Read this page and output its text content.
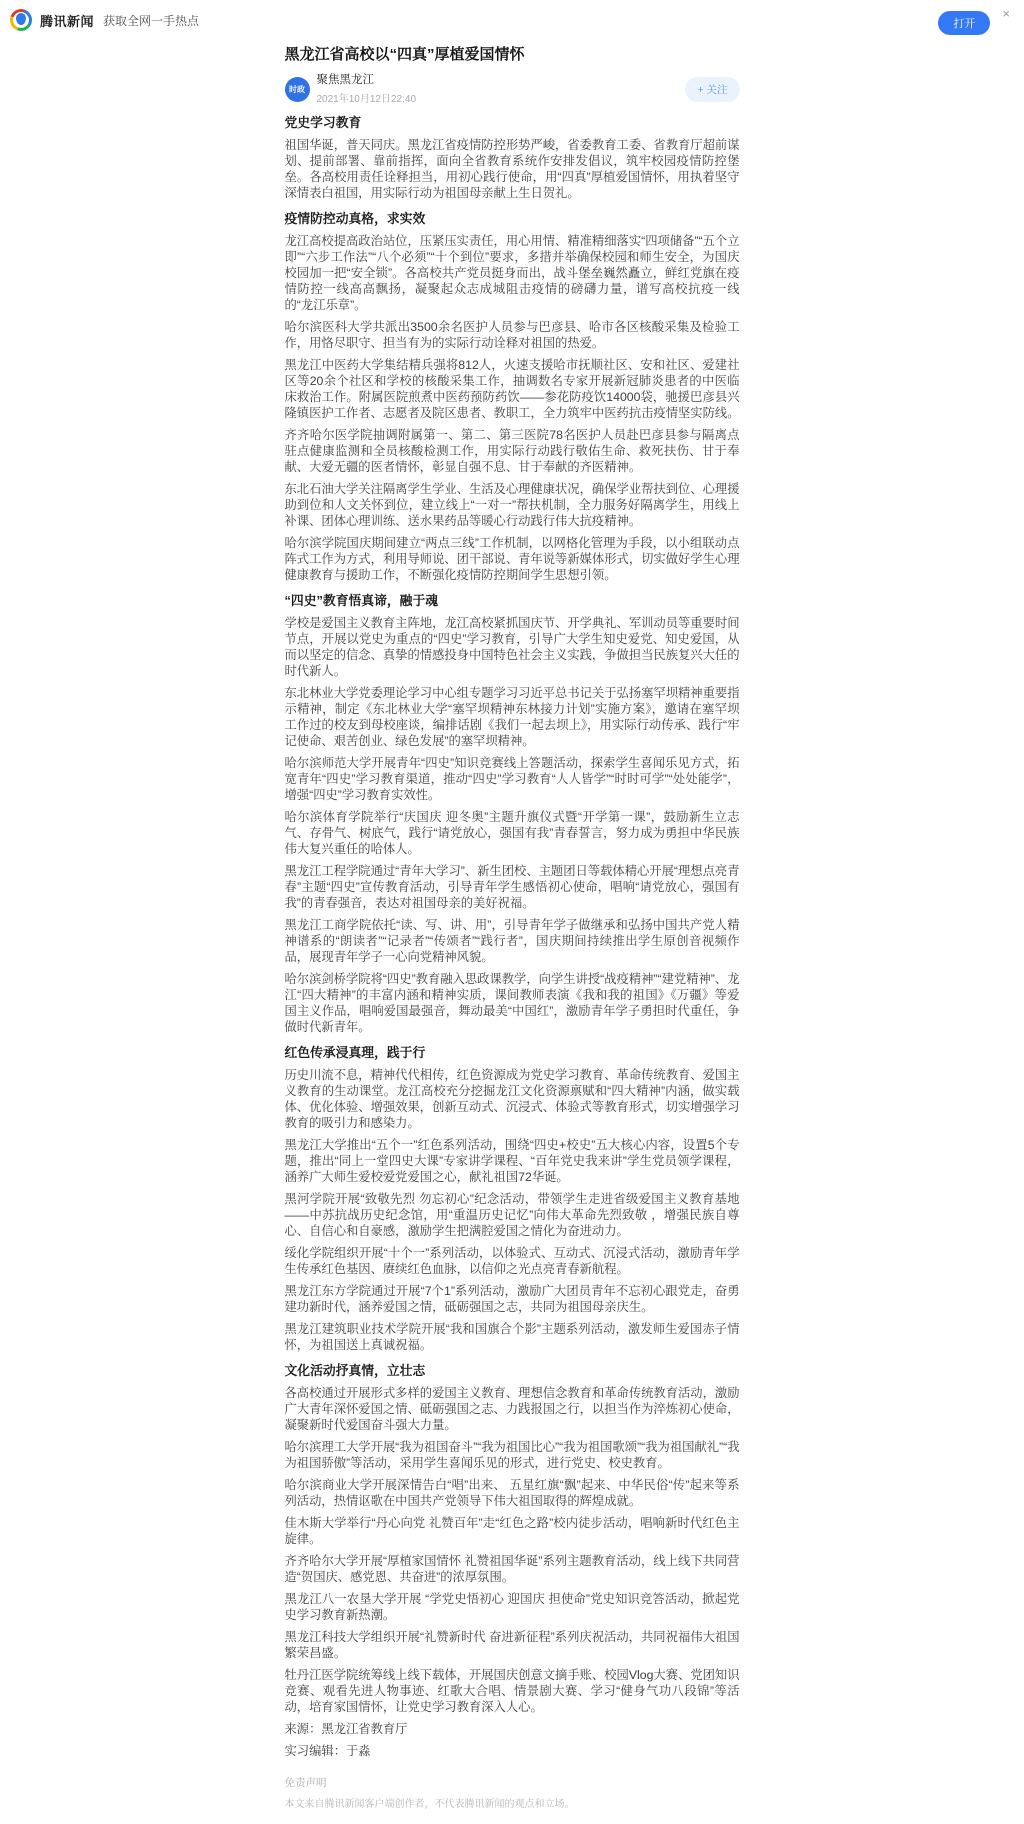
腾讯新闻 获取全网一手热点	打开
×
黑龙江省高校以“四真”厚植爱国情怀
时政
聚焦黑龙江
2021年10月12日22:40
+ 关注
党史学习教育

祖国华诞，普天同庆。黑龙江省疫情防控形势严峻，省委教育工委、省教育厅超前谋划、提前部署、靠前指挥，面向全省教育系统作安排发倡议，筑牢校园疫情防控堡垒。各高校用责任诠释担当，用初心践行使命，用“四真”厚植爱国情怀，用执着坚守深情表白祖国，用实际行动为祖国母亲献上生日贺礼。

疫情防控动真格，求实效

龙江高校提高政治站位，压紧压实责任，用心用情、精准精细落实“四项储备”“五个立即”“六步工作法”“八个必须”“十个到位”要求，多措并举确保校园和师生安全，为国庆校园加一把“安全锁”。各高校共产党员挺身而出，战斗堡垒巍然矗立，鲜红党旗在疫情防控一线高高飘扬，凝聚起众志成城阻击疫情的磅礴力量，谱写高校抗疫一线的“龙江乐章”。

哈尔滨医科大学共派出3500余名医护人员参与巴彦县、哈市各区核酸采集及检验工作，用恪尽职守、担当有为的实际行动诠释对祖国的热爱。

黑龙江中医药大学集结精兵强将812人，火速支援哈市抚顺社区、安和社区、爱建社区等20余个社区和学校的核酸采集工作，抽调数名专家开展新冠肺炎患者的中医临床救治工作。附属医院煎煮中医药预防药饮——参花防疫饮14000袋，驰援巴彦县兴隆镇医护工作者、志愿者及院区患者、教职工，全力筑牢中医药抗击疫情坚实防线。

齐齐哈尔医学院抽调附属第一、第二、第三医院78名医护人员赴巴彦县参与隔离点驻点健康监测和全员核酸检测工作，用实际行动践行敬佑生命、救死扶伤、甘于奉献、大爱无疆的医者情怀，彰显自强不息、甘于奉献的齐医精神。

东北石油大学关注隔离学生学业、生活及心理健康状况，确保学业帮扶到位、心理援助到位和人文关怀到位，建立线上“一对一”帮扶机制，全力服务好隔离学生，用线上补课、团体心理训练、送水果药品等暖心行动践行伟大抗疫精神。

哈尔滨学院国庆期间建立“两点三线”工作机制，以网格化管理为手段，以小组联动点阵式工作为方式，利用导师说、团干部说、青年说等新媒体形式，切实做好学生心理健康教育与援助工作，不断强化疫情防控期间学生思想引领。

“四史”教育悟真谛，融于魂

学校是爱国主义教育主阵地，龙江高校紧抓国庆节、开学典礼、军训动员等重要时间节点，开展以党史为重点的“四史”学习教育，引导广大学生知史爱党、知史爱国，从而以坚定的信念、真挚的情感投身中国特色社会主义实践，争做担当民族复兴大任的时代新人。

东北林业大学党委理论学习中心组专题学习习近平总书记关于弘扬塞罕坝精神重要指示精神，制定《东北林业大学“塞罕坝精神东林接力计划”实施方案》，邀请在塞罕坝工作过的校友到母校座谈，编排话剧《我们一起去坝上》，用实际行动传承、践行“牢记使命、艰苦创业、绿色发展”的塞罕坝精神。

哈尔滨师范大学开展青年“四史”知识竞赛线上答题活动，探索学生喜闻乐见方式，拓宽青年“四史”学习教育渠道，推动“四史”学习教育“人人皆学”“时时可学”“处处能学”，增强“四史”学习教育实效性。

哈尔滨体育学院举行“庆国庆 迎冬奥”主题升旗仪式暨“开学第一课”，鼓励新生立志气、存骨气、树底气，践行“请党放心，强国有我”青春誓言，努力成为勇担中华民族伟大复兴重任的哈体人。

黑龙江工程学院通过“青年大学习”、新生团校、主题团日等载体精心开展“理想点亮青春”主题“四史”宣传教育活动，引导青年学生感悟初心使命，唱响“请党放心，强国有我”的青春强音，表达对祖国母亲的美好祝福。

黑龙江工商学院依托“读、写、讲、用”，引导青年学子做继承和弘扬中国共产党人精神谱系的“朗读者”“记录者”“传颂者”“践行者”，国庆期间持续推出学生原创音视频作品，展现青年学子一心向党精神风貌。

哈尔滨剑桥学院将“四史”教育融入思政课教学，向学生讲授“战疫精神”“建党精神”、龙江“四大精神”的丰富内涵和精神实质，课间教师表演《我和我的祖国》《万疆》等爱国主义作品，唱响爱国最强音，舞动最美“中国红”，激励青年学子勇担时代重任，争做时代新青年。

红色传承浸真理，践于行

历史川流不息，精神代代相传，红色资源成为党史学习教育、革命传统教育、爱国主义教育的生动课堂。龙江高校充分挖掘龙江文化资源禀赋和“四大精神”内涵，做实载体、优化体验、增强效果，创新互动式、沉浸式、体验式等教育形式，切实增强学习教育的吸引力和感染力。

黑龙江大学推出“五个一”红色系列活动，围绕“四史+校史”五大核心内容，设置5个专题，推出“同上一堂四史大课”专家讲学课程、“百年党史我来讲”学生党员领学课程，涵养广大师生爱校爱党爱国之心，献礼祖国72华诞。

黑河学院开展“致敬先烈 勿忘初心”纪念活动，带领学生走进省级爱国主义教育基地——中苏抗战历史纪念馆，用“重温历史记忆”向伟大革命先烈致敬 ，增强民族自尊心、自信心和自豪感，激励学生把满腔爱国之情化为奋进动力。

绥化学院组织开展“十个一”系列活动，以体验式、互动式、沉浸式活动，激励青年学生传承红色基因、赓续红色血脉，以信仰之光点亮青春新航程。

黑龙江东方学院通过开展“7个1”系列活动，激励广大团员青年不忘初心跟党走，奋勇建功新时代，涵养爱国之情，砥砺强国之志，共同为祖国母亲庆生。

黑龙江建筑职业技术学院开展“我和国旗合个影”主题系列活动，激发师生爱国赤子情怀，为祖国送上真诚祝福。

文化活动抒真情，立壮志

各高校通过开展形式多样的爱国主义教育、理想信念教育和革命传统教育活动，激励广大青年深怀爱国之情、砥砺强国之志、力践报国之行，以担当作为淬炼初心使命，凝聚新时代爱国奋斗强大力量。

哈尔滨理工大学开展“我为祖国奋斗”“我为祖国比心”“我为祖国歌颂”“我为祖国献礼”“我为祖国骄傲”等活动，采用学生喜闻乐见的形式，进行党史、校史教育。

哈尔滨商业大学开展深情告白“唱”出来、 五星红旗“飘”起来、中华民俗“传”起来等系列活动，热情讴歌在中国共产党领导下伟大祖国取得的辉煌成就。

佳木斯大学举行“丹心向党 礼赞百年”走“红色之路”校内徒步活动，唱响新时代红色主旋律。

齐齐哈尔大学开展“厚植家国情怀 礼赞祖国华诞”系列主题教育活动，线上线下共同营造“贺国庆、感党恩、共奋进”的浓厚氛围。

黑龙江八一农垦大学开展 “学党史悟初心 迎国庆 担使命”党史知识竞答活动，掀起党史学习教育新热潮。

黑龙江科技大学组织开展“礼赞新时代 奋进新征程”系列庆祝活动，共同祝福伟大祖国繁荣昌盛。

牡丹江医学院统筹线上线下载体，开展国庆创意文摘手账、校园Vlog大赛、党团知识竞赛、观看先进人物事迹、红歌大合唱、情景剧大赛、学习“健身气功八段锦”等活动，培育家国情怀，让党史学习教育深入人心。

来源：黑龙江省教育厅

实习编辑：于淼

免责声明
本文来自腾讯新闻客户端创作者，不代表腾讯新闻的观点和立场。
